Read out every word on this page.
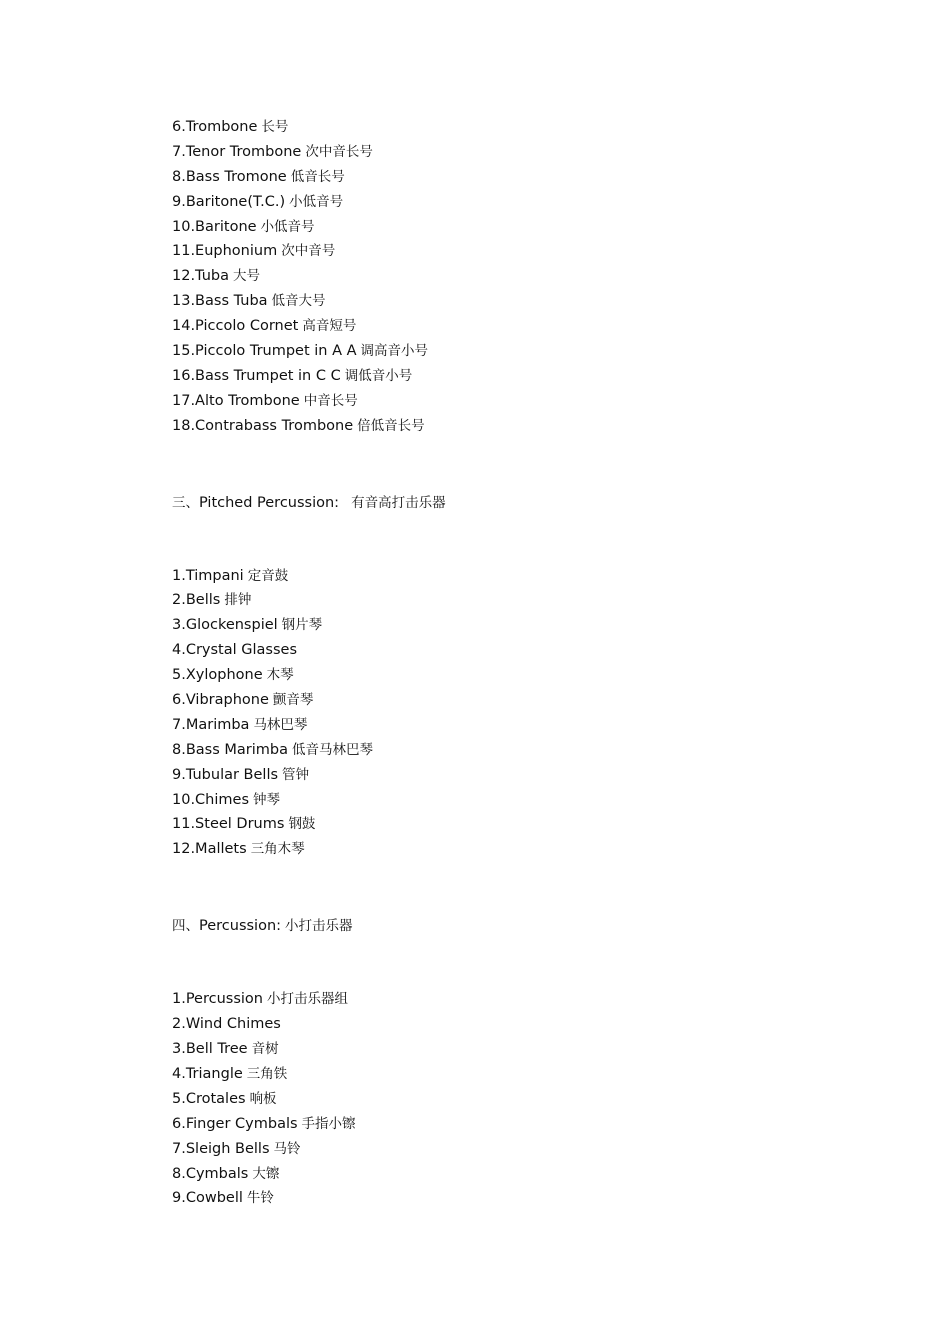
6.Trombone 长号
7.Tenor Trombone 次中音长号
8.Bass Tromone 低音长号
9.Baritone(T.C.) 小低音号
10.Baritone 小低音号
11.Euphonium 次中音号
12.Tuba 大号
13.Bass Tuba 低音大号
14.Piccolo Cornet 高音短号
15.Piccolo Trumpet in A A 调高音小号
16.Bass Trumpet in C C 调低音小号
17.Alto Trombone 中音长号
18.Contrabass Trombone 倍低音长号
三、Pitched Percussion: 有音高打击乐器
1.Timpani 定音鼓
2.Bells 排钟
3.Glockenspiel 钢片琴
4.Crystal Glasses
5.Xylophone 木琴
6.Vibraphone 颤音琴
7.Marimba 马林巴琴
8.Bass Marimba 低音马林巴琴
9.Tubular Bells 管钟
10.Chimes 钟琴
11.Steel Drums 钢鼓
12.Mallets 三角木琴
四、Percussion: 小打击乐器
1.Percussion 小打击乐器组
2.Wind Chimes
3.Bell Tree 音树
4.Triangle 三角铁
5.Crotales 响板
6.Finger Cymbals 手指小镲
7.Sleigh Bells 马铃
8.Cymbals 大镲
9.Cowbell 牛铃
